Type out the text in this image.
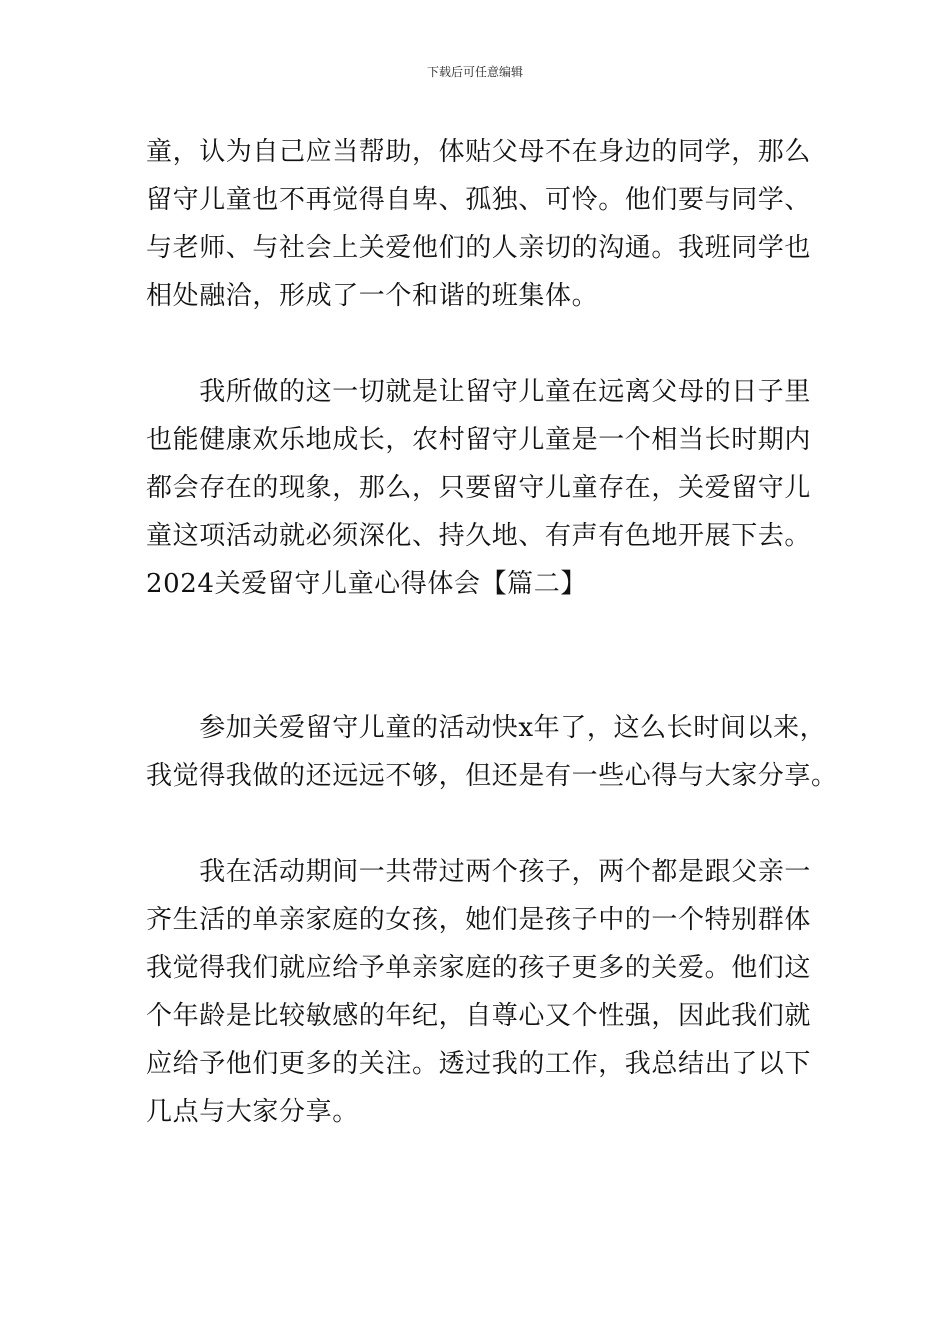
下载后可任意编辑
童，认为自己应当帮助，体贴父母不在身边的同学，那么
留守儿童也不再觉得自卑、孤独、可怜。他们要与同学、
与老师、与社会上关爱他们的人亲切的沟通。我班同学也
相处融洽，形成了一个和谐的班集体。
　　我所做的这一切就是让留守儿童在远离父母的日子里
也能健康欢乐地成长，农村留守儿童是一个相当长时期内
都会存在的现象，那么，只要留守儿童存在，关爱留守儿
童这项活动就必须深化、持久地、有声有色地开展下去。
2024关爱留守儿童心得体会【篇二】
　　参加关爱留守儿童的活动快x年了，这么长时间以来，
我觉得我做的还远远不够，但还是有一些心得与大家分享。
　　我在活动期间一共带过两个孩子，两个都是跟父亲一
齐生活的单亲家庭的女孩，她们是孩子中的一个特别群体
我觉得我们就应给予单亲家庭的孩子更多的关爱。他们这
个年龄是比较敏感的年纪，自尊心又个性强，因此我们就
应给予他们更多的关注。透过我的工作，我总结出了以下
几点与大家分享。
